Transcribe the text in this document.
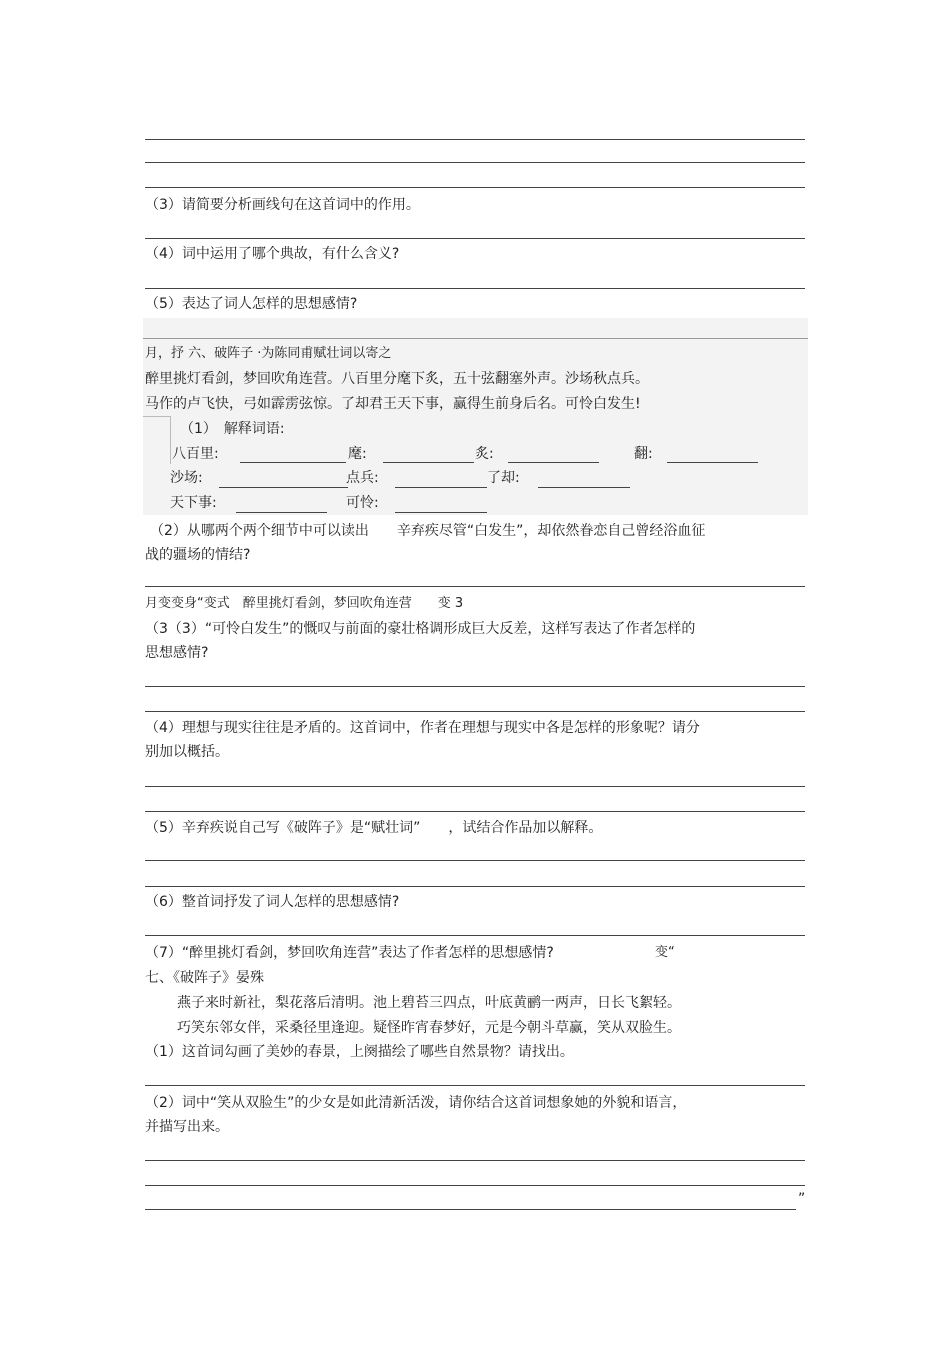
（3）请简要分析画线句在这首词中的作用。
（4）词中运用了哪个典故，有什么含义?
（5）表达了词人怎样的思想感情?
月，抒 六、破阵子 ·为陈同甫赋壮词以寄之
醉里挑灯看剑，梦回吹角连营。八百里分麾下炙，五十弦翻塞外声。沙场秋点兵。
马作的卢飞快，弓如霹雳弦惊。了却君王天下事，赢得生前身后名。可怜白发生!
（1）　解释词语:
八百里:	麾:	炙:	翻:
沙场:	点兵:	了却:
天下事:	可怜:
（2）从哪两个两个细节中可以读出　　辛弃疾尽管“白发生”，却依然眷恋自己曾经浴血征
战的疆场的情结?
月变变身“变式　醉里挑灯看剑，梦回吹角连营　　变 3
（3（3）“可怜白发生”的慨叹与前面的豪壮格调形成巨大反差，这样写表达了作者怎样的
思想感情?
（4）理想与现实往往是矛盾的。这首词中，作者在理想与现实中各是怎样的形象呢？请分
别加以概括。
（5）辛弃疾说自己写《破阵子》是“赋壮词”　　，试结合作品加以解释。
（6）整首词抒发了词人怎样的思想感情?
（7）“醉里挑灯看剑，梦回吹角连营”表达了作者怎样的思想感情?	变“
七、《破阵子》晏殊
燕子来时新社，梨花落后清明。池上碧苔三四点，叶底黄鹂一两声，日长飞絮轻。
巧笑东邻女伴，采桑径里逢迎。疑怪昨宵春梦好，元是今朝斗草赢，笑从双脸生。
（1）这首词勾画了美妙的春景，上阕描绘了哪些自然景物？请找出。
（2）词中“笑从双脸生”的少女是如此清新活泼，请你结合这首词想象她的外貌和语言，
并描写出来。
”
